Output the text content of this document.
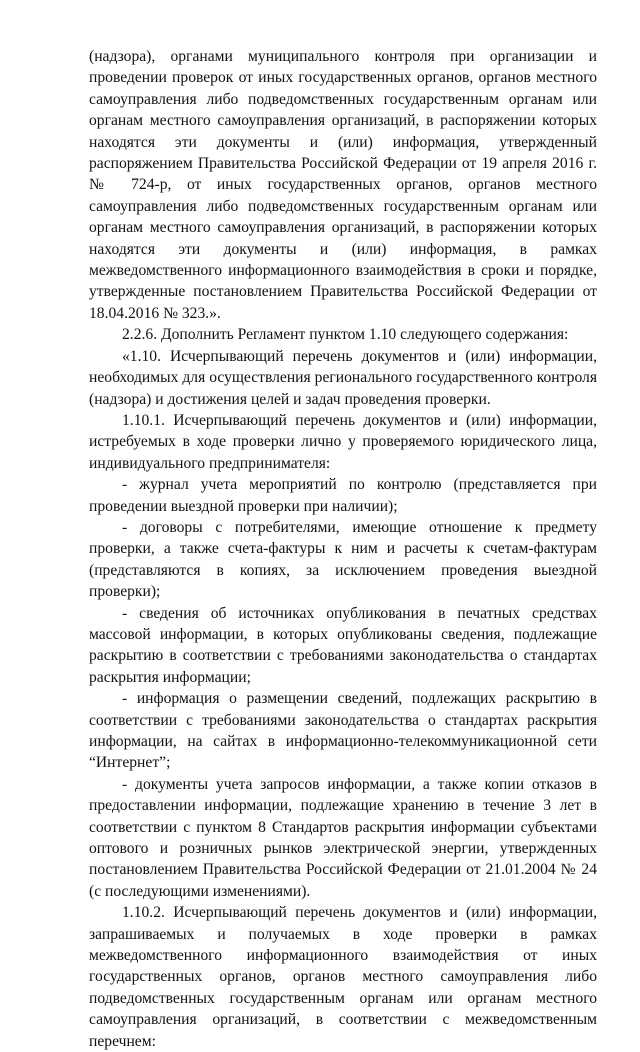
(надзора), органами муниципального контроля при организации и проведении проверок от иных государственных органов, органов местного самоуправления либо подведомственных государственным органам или органам местного самоуправления организаций, в распоряжении которых находятся эти документы и (или) информация, утвержденный распоряжением Правительства Российской Федерации от 19 апреля 2016 г. № 724-р, от иных государственных органов, органов местного самоуправления либо подведомственных государственным органам или органам местного самоуправления организаций, в распоряжении которых находятся эти документы и (или) информация, в рамках межведомственного информационного взаимодействия в сроки и порядке, утвержденные постановлением Правительства Российской Федерации от 18.04.2016 № 323.».

2.2.6. Дополнить Регламент пунктом 1.10 следующего содержания:

«1.10. Исчерпывающий перечень документов и (или) информации, необходимых для осуществления регионального государственного контроля (надзора) и достижения целей и задач проведения проверки.

1.10.1. Исчерпывающий перечень документов и (или) информации, истребуемых в ходе проверки лично у проверяемого юридического лица, индивидуального предпринимателя:

- журнал учета мероприятий по контролю (представляется при проведении выездной проверки при наличии);

- договоры с потребителями, имеющие отношение к предмету проверки, а также счета-фактуры к ним и расчеты к счетам-фактурам (представляются в копиях, за исключением проведения выездной проверки);

- сведения об источниках опубликования в печатных средствах массовой информации, в которых опубликованы сведения, подлежащие раскрытию в соответствии с требованиями законодательства о стандартах раскрытия информации;

- информация о размещении сведений, подлежащих раскрытию в соответствии с требованиями законодательства о стандартах раскрытия информации, на сайтах в информационно-телекоммуникационной сети “Интернет”;

- документы учета запросов информации, а также копии отказов в предоставлении информации, подлежащие хранению в течение 3 лет в соответствии с пунктом 8 Стандартов раскрытия информации субъектами оптового и розничных рынков электрической энергии, утвержденных постановлением Правительства Российской Федерации от 21.01.2004 № 24 (с последующими изменениями).

1.10.2. Исчерпывающий перечень документов и (или) информации, запрашиваемых и получаемых в ходе проверки в рамках межведомственного информационного взаимодействия от иных государственных органов, органов местного самоуправления либо подведомственных государственным органам или органам местного самоуправления организаций, в соответствии с межведомственным перечнем:
